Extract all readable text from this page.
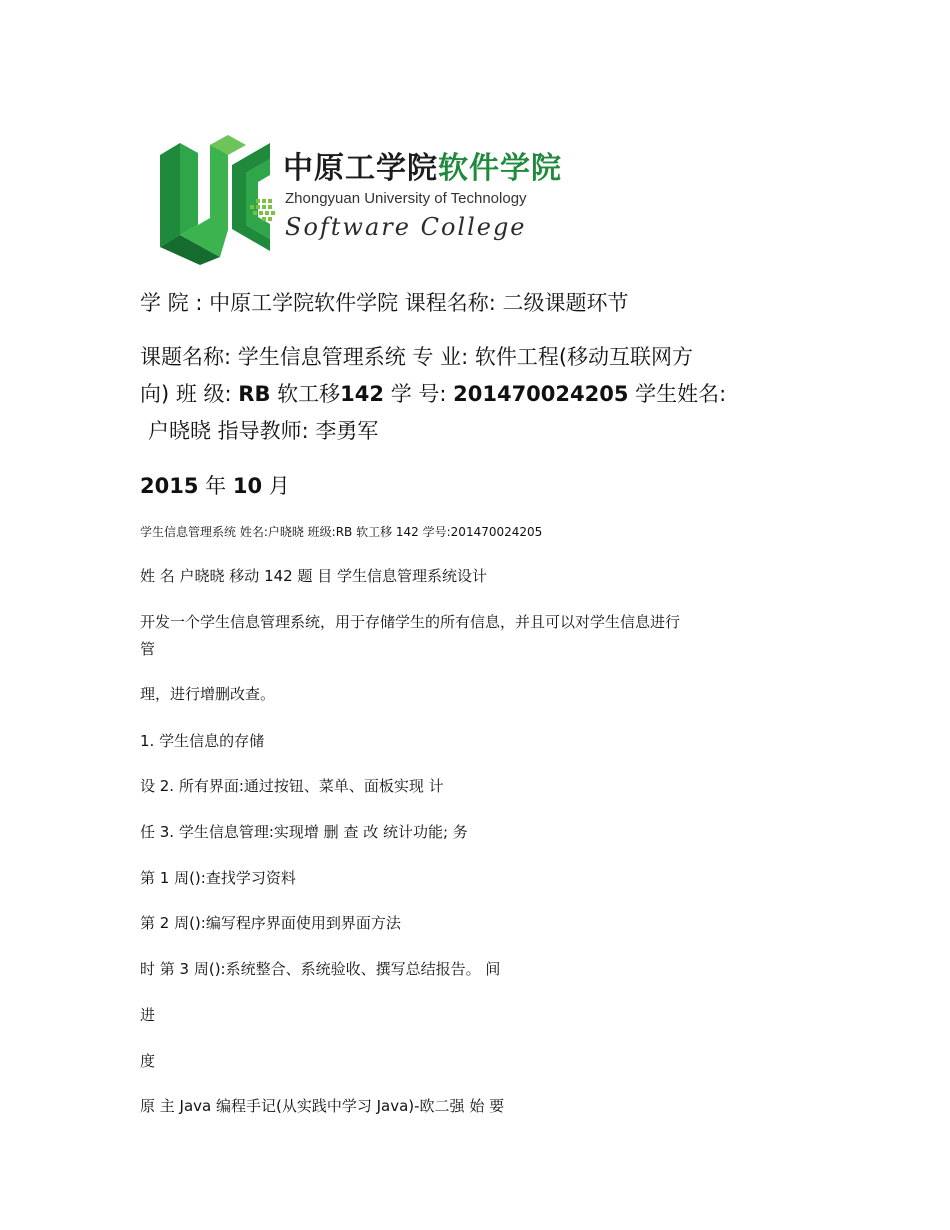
中原工学院软件学院
Zhongyuan University of Technology
Software College
学 院 : 中原工学院软件学院 课程名称: 二级课题环节
课题名称: 学生信息管理系统 专 业: 软件工程(移动互联网方
向) 班 级: RB 软工移142 学 号: 201470024205 学生姓名:
户晓晓 指导教师: 李勇军
2015 年 10 月
学生信息管理系统 姓名:户晓晓 班级:RB 软工移 142 学号:201470024205
姓 名 户晓晓 移动 142 题 目 学生信息管理系统设计
开发一个学生信息管理系统，用于存储学生的所有信息，并且可以对学生信息进行
管
理，进行增删改查。
1. 学生信息的存储
设 2. 所有界面:通过按钮、菜单、面板实现 计
任 3. 学生信息管理:实现增 删 查 改 统计功能; 务
第 1 周():查找学习资料
第 2 周():编写程序界面使用到界面方法
时 第 3 周():系统整合、系统验收、撰写总结报告。 间
进
度
原 主 Java 编程手记(从实践中学习 Java)-欧二强 始 要
